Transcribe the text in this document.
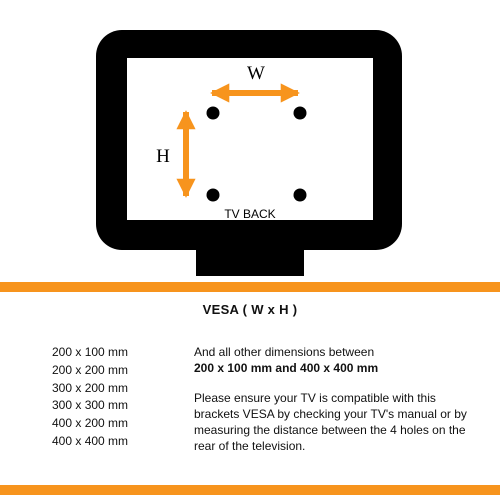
W
H
TV BACK
VESA ( W x H )
200 x 100 mm
200 x 200 mm
300 x 200 mm
300 x 300 mm
400 x 200 mm
400 x 400 mm

And all other dimensions between

200 x 100 mm and 400 x 400 mm

Please ensure your TV is compatible with this brackets VESA by checking your TV's manual or by measuring the distance between the 4 holes on the rear of the television.
